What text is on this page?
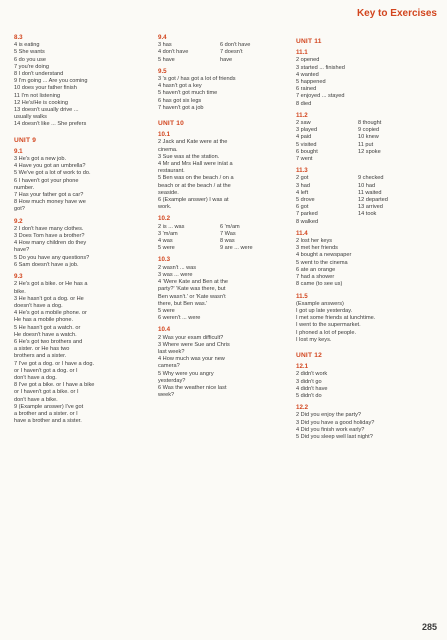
Key to Exercises
8.3
4 is eating
5 She wants
6 do you use
7 you're doing
8 I don't understand
9 I'm going ... Are you coming
10 does your father finish
11 I'm not listening
12 He's/He is cooking
13 doesn't usually drive ...
usually walks
14 doesn't like ... She prefers
UNIT 9
9.1
3 He's got a new job.
4 Have you got an umbrella?
5 We've got a lot of work to do.
6 I haven't got your phone
number.
7 Has your father got a car?
8 How much money have we
got?
9.2
2 I don't have many clothes.
3 Does Tom have a brother?
4 How many children do they
have?
5 Do you have any questions?
6 Sam doesn't have a job.
9.3
2 He's got a bike. or He has a
bike.
3 He hasn't got a dog. or He
doesn't have a dog.
4 He's got a mobile phone. or
He has a mobile phone.
5 He hasn't got a watch. or
He doesn't have a watch.
6 He's got two brothers and
a sister. or He has two
brothers and a sister.
7 I've got a dog. or I have a dog.
or I haven't got a dog. or I
don't have a dog.
8 I've got a bike. or I have a bike
or I haven't got a bike. or I
don't have a bike.
9 (Example answer) I've got
a brother and a sister. or I
have a brother and a sister.
9.4
3 has	6 don't have
4 don't have	7 doesn't
5 have	have
9.5
3 's got / has got a lot of friends
4 hasn't got a key
5 haven't got much time
6 has got six legs
7 haven't got a job
UNIT 10
10.1
2 Jack and Kate were at the
cinema.
3 Sue was at the station.
4 Mr and Mrs Hall were in/at a
restaurant.
5 Ben was on the beach / on a
beach or at the beach / at the
seaside.
6 (Example answer) I was at
work.
10.2
2 is ... was	6 'm/am
3 'm/am	7 Was
4 was	8 was
5 were	9 are ... were
10.3
2 wasn't ... was
3 was ... were
4 'Were Kate and Ben at the
party?' 'Kate was there, but
Ben wasn't.' or 'Kate wasn't
there, but Ben was.'
5 were
6 weren't ... were
10.4
2 Was your exam difficult?
3 Where were Sue and Chris
last week?
4 How much was your new
camera?
5 Why were you angry
yesterday?
6 Was the weather nice last
week?
UNIT 11
11.1
2 opened
3 started ... finished
4 wanted
5 happened
6 rained
7 enjoyed ... stayed
8 died
11.2
2 saw	8 thought
3 played	9 copied
4 paid	10 knew
5 visited	11 put
6 bought	12 spoke
7 went
11.3
2 got	9 checked
3 had	10 had
4 left	11 waited
5 drove	12 departed
6 got	13 arrived
7 parked	14 took
8 walked
11.4
2 lost her keys
3 met her friends
4 bought a newspaper
5 went to the cinema
6 ate an orange
7 had a shower
8 came (to see us)
11.5
(Example answers)
I got up late yesterday.
I met some friends at lunchtime.
I went to the supermarket.
I phoned a lot of people.
I lost my keys.
UNIT 12
12.1
2 didn't work
3 didn't go
4 didn't have
5 didn't do
12.2
2 Did you enjoy the party?
3 Did you have a good holiday?
4 Did you finish work early?
5 Did you sleep well last night?
285
